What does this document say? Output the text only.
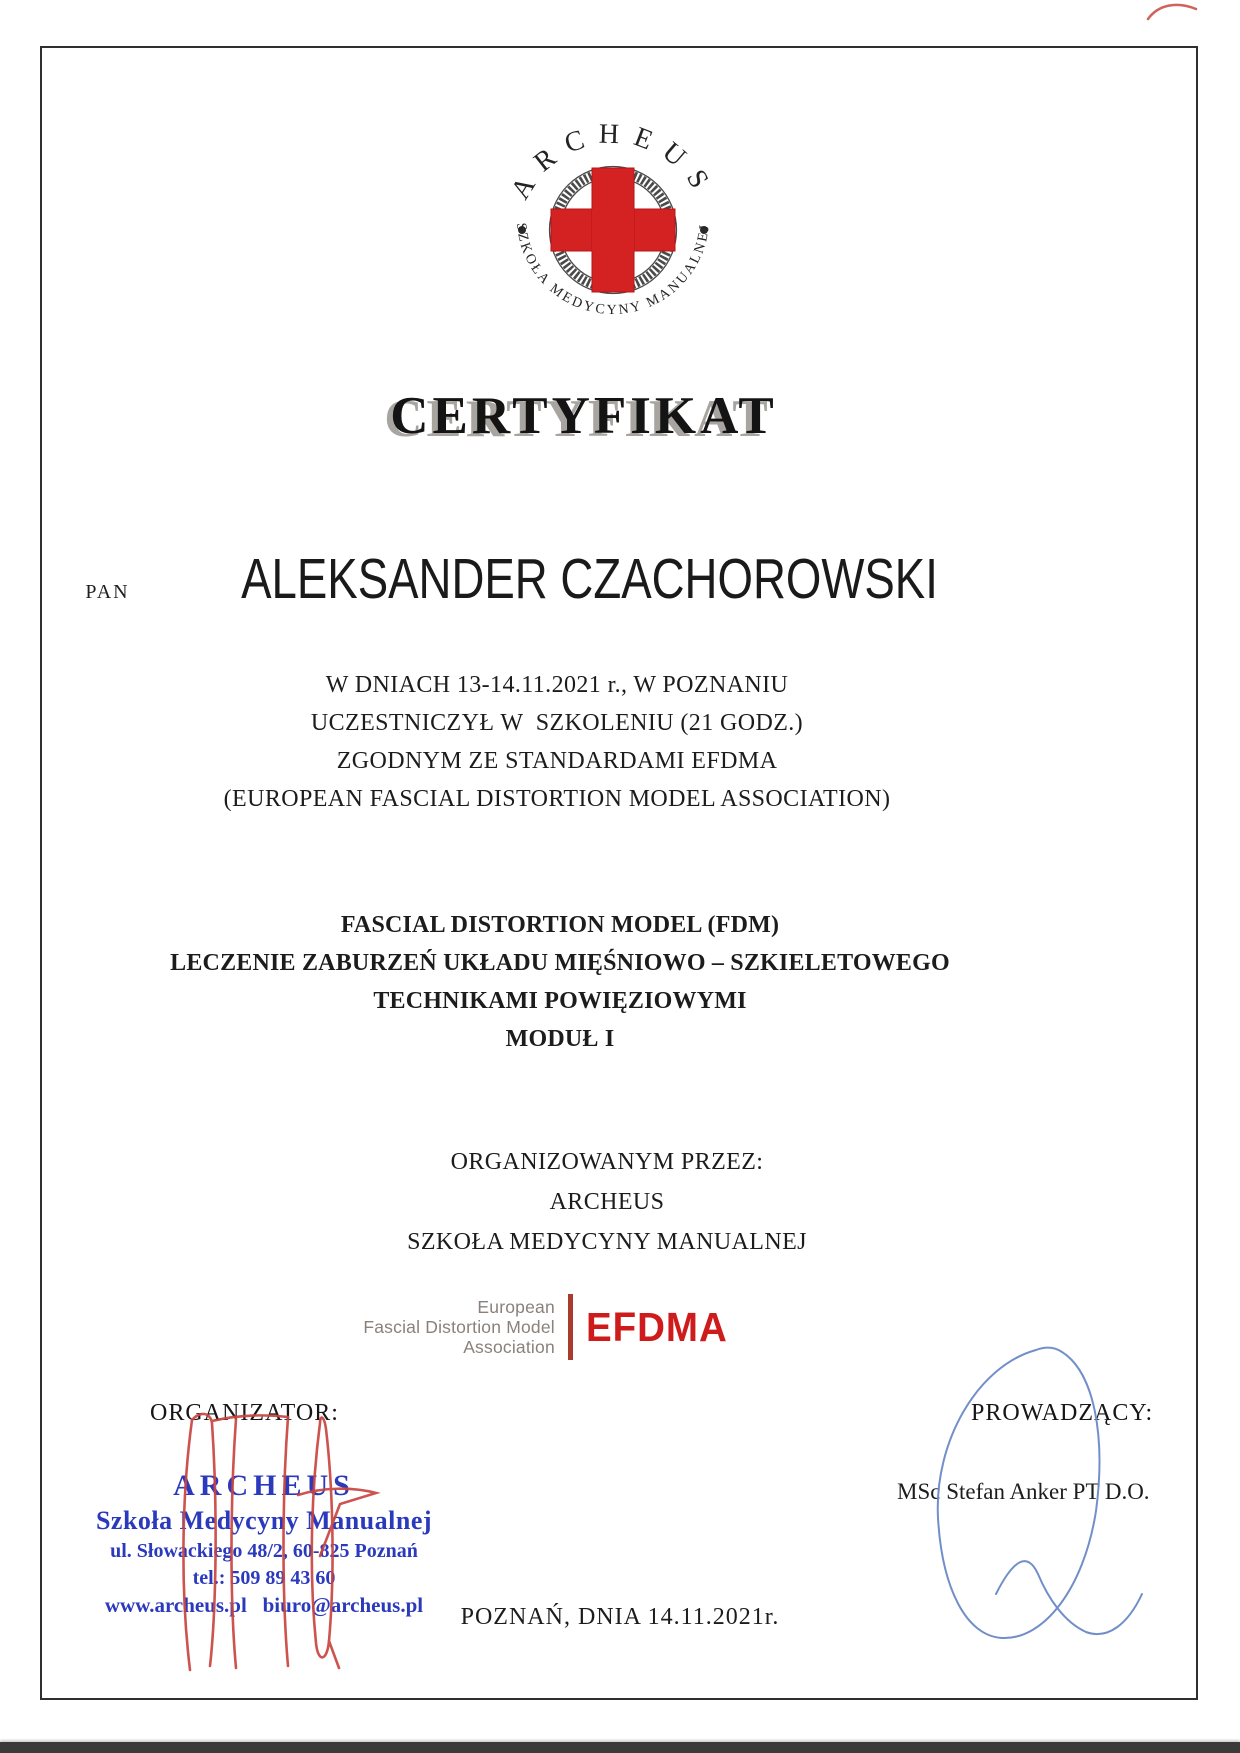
ARCHEUS
SZKOŁA MEDYCYNY MANUALNEJ
CERTYFIKAT
PAN ALEKSANDER CZACHOROWSKI
W DNIACH 13-14.11.2021 r., W POZNANIU
UCZESTNICZYŁ W  SZKOLENIU (21 GODZ.)
ZGODNYM ZE STANDARDAMI EFDMA
(EUROPEAN FASCIAL DISTORTION MODEL ASSOCIATION)
FASCIAL DISTORTION MODEL (FDM)
LECZENIE ZABURZEŃ UKŁADU MIĘŚNIOWO – SZKIELETOWEGO
TECHNIKAMI POWIĘZIOWYMI
MODUŁ I
ORGANIZOWANYM PRZEZ:
ARCHEUS
SZKOŁA MEDYCYNY MANUALNEJ
European
Fascial Distortion Model
Association EFDMA
ORGANIZATOR:	PROWADZĄCY:
MSc Stefan Anker PT D.O.
ARCHEUS
Szkoła Medycyny Manualnej
ul. Słowackiego 48/2, 60-825 Poznań
tel.: 509 89 43 60
www.archeus.pl   biuro@archeus.pl	POZNAŃ, DNIA 14.11.2021r.
